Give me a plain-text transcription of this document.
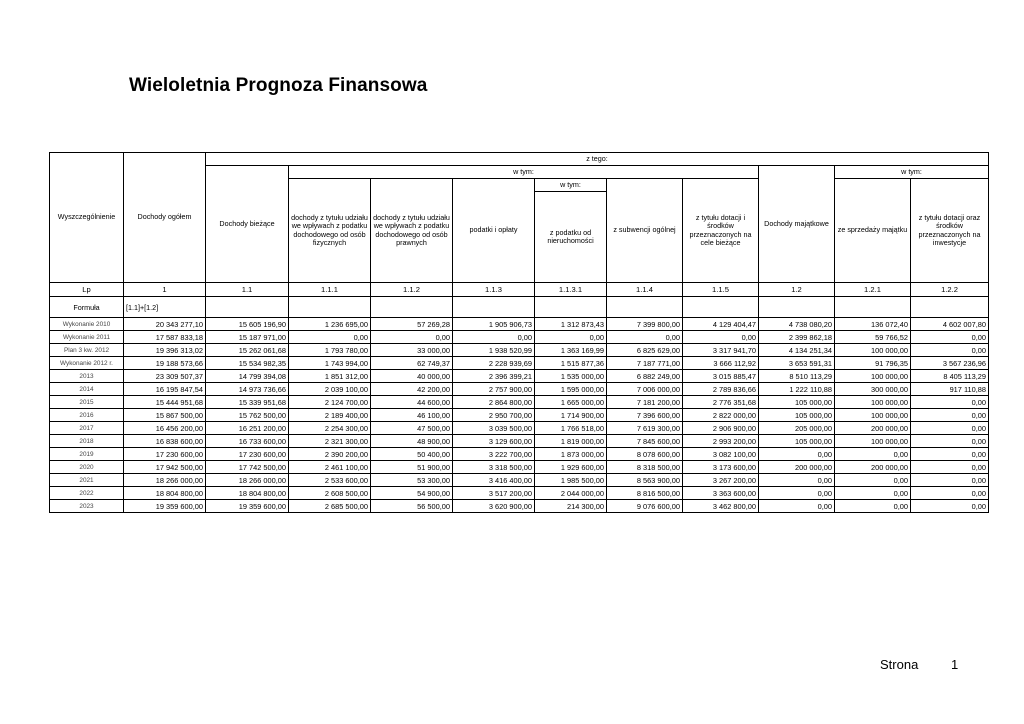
Wieloletnia Prognoza Finansowa
Wyszczególnienie	Dochody ogółem	z tego:									
		Dochody bieżące	w tym:						Dochody majątkowe	w tym:	
			dochody z tytułu udziału we wpływach z podatku dochodowego od osób fizycznych	dochody z tytułu udziału we wpływach z podatku dochodowego od osób prawnych	podatki i opłaty	w tym:	z subwencji ogólnej	z tytułu dotacji i środków przeznaczonych na cele bieżące		ze sprzedaży majątku	z tytułu dotacji oraz środków przeznaczonych na inwestycje
						z podatku od nieruchomości					
Lp	1	1.1	1.1.1	1.1.2	1.1.3	1.1.3.1	1.1.4	1.1.5	1.2	1.2.1	1.2.2
Formuła	[1.1]+[1.2]										
Wykonanie 2010	20 343 277,10	15 605 196,90	1 236 695,00	57 269,28	1 905 906,73	1 312 873,43	7 399 800,00	4 129 404,47	4 738 080,20	136 072,40	4 602 007,80
Wykonanie 2011	17 587 833,18	15 187 971,00	0,00	0,00	0,00	0,00	0,00	0,00	2 399 862,18	59 766,52	0,00
Plan 3 kw. 2012	19 396 313,02	15 262 061,68	1 793 780,00	33 000,00	1 938 520,99	1 363 169,99	6 825 629,00	3 317 941,70	4 134 251,34	100 000,00	0,00
Wykonanie 2012 r.	19 188 573,66	15 534 982,35	1 743 994,00	62 749,37	2 228 939,69	1 515 877,36	7 187 771,00	3 666 112,92	3 653 591,31	91 796,35	3 567 236,96
2013	23 309 507,37	14 799 394,08	1 851 312,00	40 000,00	2 396 399,21	1 535 000,00	6 882 249,00	3 015 885,47	8 510 113,29	100 000,00	8 405 113,29
2014	16 195 847,54	14 973 736,66	2 039 100,00	42 200,00	2 757 900,00	1 595 000,00	7 006 000,00	2 789 836,66	1 222 110,88	300 000,00	917 110,88
2015	15 444 951,68	15 339 951,68	2 124 700,00	44 600,00	2 864 800,00	1 665 000,00	7 181 200,00	2 776 351,68	105 000,00	100 000,00	0,00
2016	15 867 500,00	15 762 500,00	2 189 400,00	46 100,00	2 950 700,00	1 714 900,00	7 396 600,00	2 822 000,00	105 000,00	100 000,00	0,00
2017	16 456 200,00	16 251 200,00	2 254 300,00	47 500,00	3 039 500,00	1 766 518,00	7 619 300,00	2 906 900,00	205 000,00	200 000,00	0,00
2018	16 838 600,00	16 733 600,00	2 321 300,00	48 900,00	3 129 600,00	1 819 000,00	7 845 600,00	2 993 200,00	105 000,00	100 000,00	0,00
2019	17 230 600,00	17 230 600,00	2 390 200,00	50 400,00	3 222 700,00	1 873 000,00	8 078 600,00	3 082 100,00	0,00	0,00	0,00
2020	17 942 500,00	17 742 500,00	2 461 100,00	51 900,00	3 318 500,00	1 929 600,00	8 318 500,00	3 173 600,00	200 000,00	200 000,00	0,00
2021	18 266 000,00	18 266 000,00	2 533 600,00	53 300,00	3 416 400,00	1 985 500,00	8 563 900,00	3 267 200,00	0,00	0,00	0,00
2022	18 804 800,00	18 804 800,00	2 608 500,00	54 900,00	3 517 200,00	2 044 000,00	8 816 500,00	3 363 600,00	0,00	0,00	0,00
2023	19 359 600,00	19 359 600,00	2 685 500,00	56 500,00	3 620 900,00	214 300,00	9 076 600,00	3 462 800,00	0,00	0,00	0,00
Strona	1
